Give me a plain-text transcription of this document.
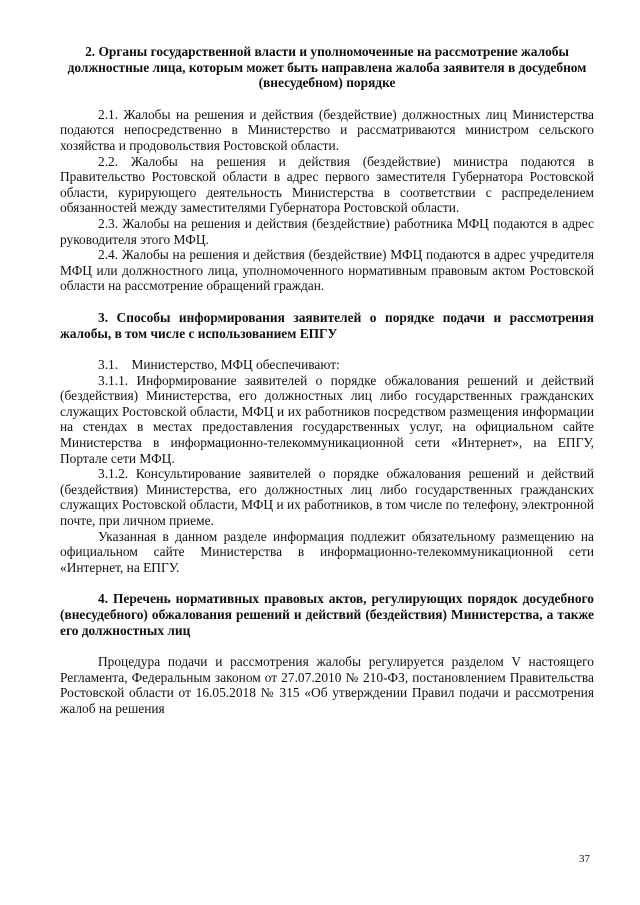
2. Органы государственной власти и уполномоченные на рассмотрение жалобы должностные лица, которым может быть направлена жалоба заявителя в досудебном (внесудебном) порядке

2.1. Жалобы на решения и действия (бездействие) должностных лиц Министерства подаются непосредственно в Министерство и рассматриваются министром сельского хозяйства и продовольствия Ростовской области.

2.2. Жалобы на решения и действия (бездействие) министра подаются в Правительство Ростовской области в адрес первого заместителя Губернатора Ростовской области, курирующего деятельность Министерства в соответствии с распределением обязанностей между заместителями Губернатора Ростовской области.

2.3. Жалобы на решения и действия (бездействие) работника МФЦ подаются в адрес руководителя этого МФЦ.

2.4. Жалобы на решения и действия (бездействие) МФЦ подаются в адрес учредителя МФЦ или должностного лица, уполномоченного нормативным правовым актом Ростовской области на рассмотрение обращений граждан.

3. Способы информирования заявителей о порядке подачи и рассмотрения жалобы, в том числе с использованием ЕПГУ

3.1. Министерство, МФЦ обеспечивают:

3.1.1. Информирование заявителей о порядке обжалования решений и действий (бездействия) Министерства, его должностных лиц либо государственных гражданских служащих Ростовской области, МФЦ и их работников посредством размещения информации на стендах в местах предоставления государственных услуг, на официальном сайте Министерства в информационно-телекоммуникационной сети «Интернет», на ЕПГУ, Портале сети МФЦ.

3.1.2. Консультирование заявителей о порядке обжалования решений и действий (бездействия) Министерства, его должностных лиц либо государственных гражданских служащих Ростовской области, МФЦ и их работников, в том числе по телефону, электронной почте, при личном приеме.

Указанная в данном разделе информация подлежит обязательному размещению на официальном сайте Министерства в информационно-телекоммуникационной сети «Интернет, на ЕПГУ.

4. Перечень нормативных правовых актов, регулирующих порядок досудебного (внесудебного) обжалования решений и действий (бездействия) Министерства, а также его должностных лиц

Процедура подачи и рассмотрения жалобы регулируется разделом V настоящего Регламента, Федеральным законом от 27.07.2010 № 210-ФЗ, постановлением Правительства Ростовской области от 16.05.2018 № 315 «Об утверждении Правил подачи и рассмотрения жалоб на решения

37
